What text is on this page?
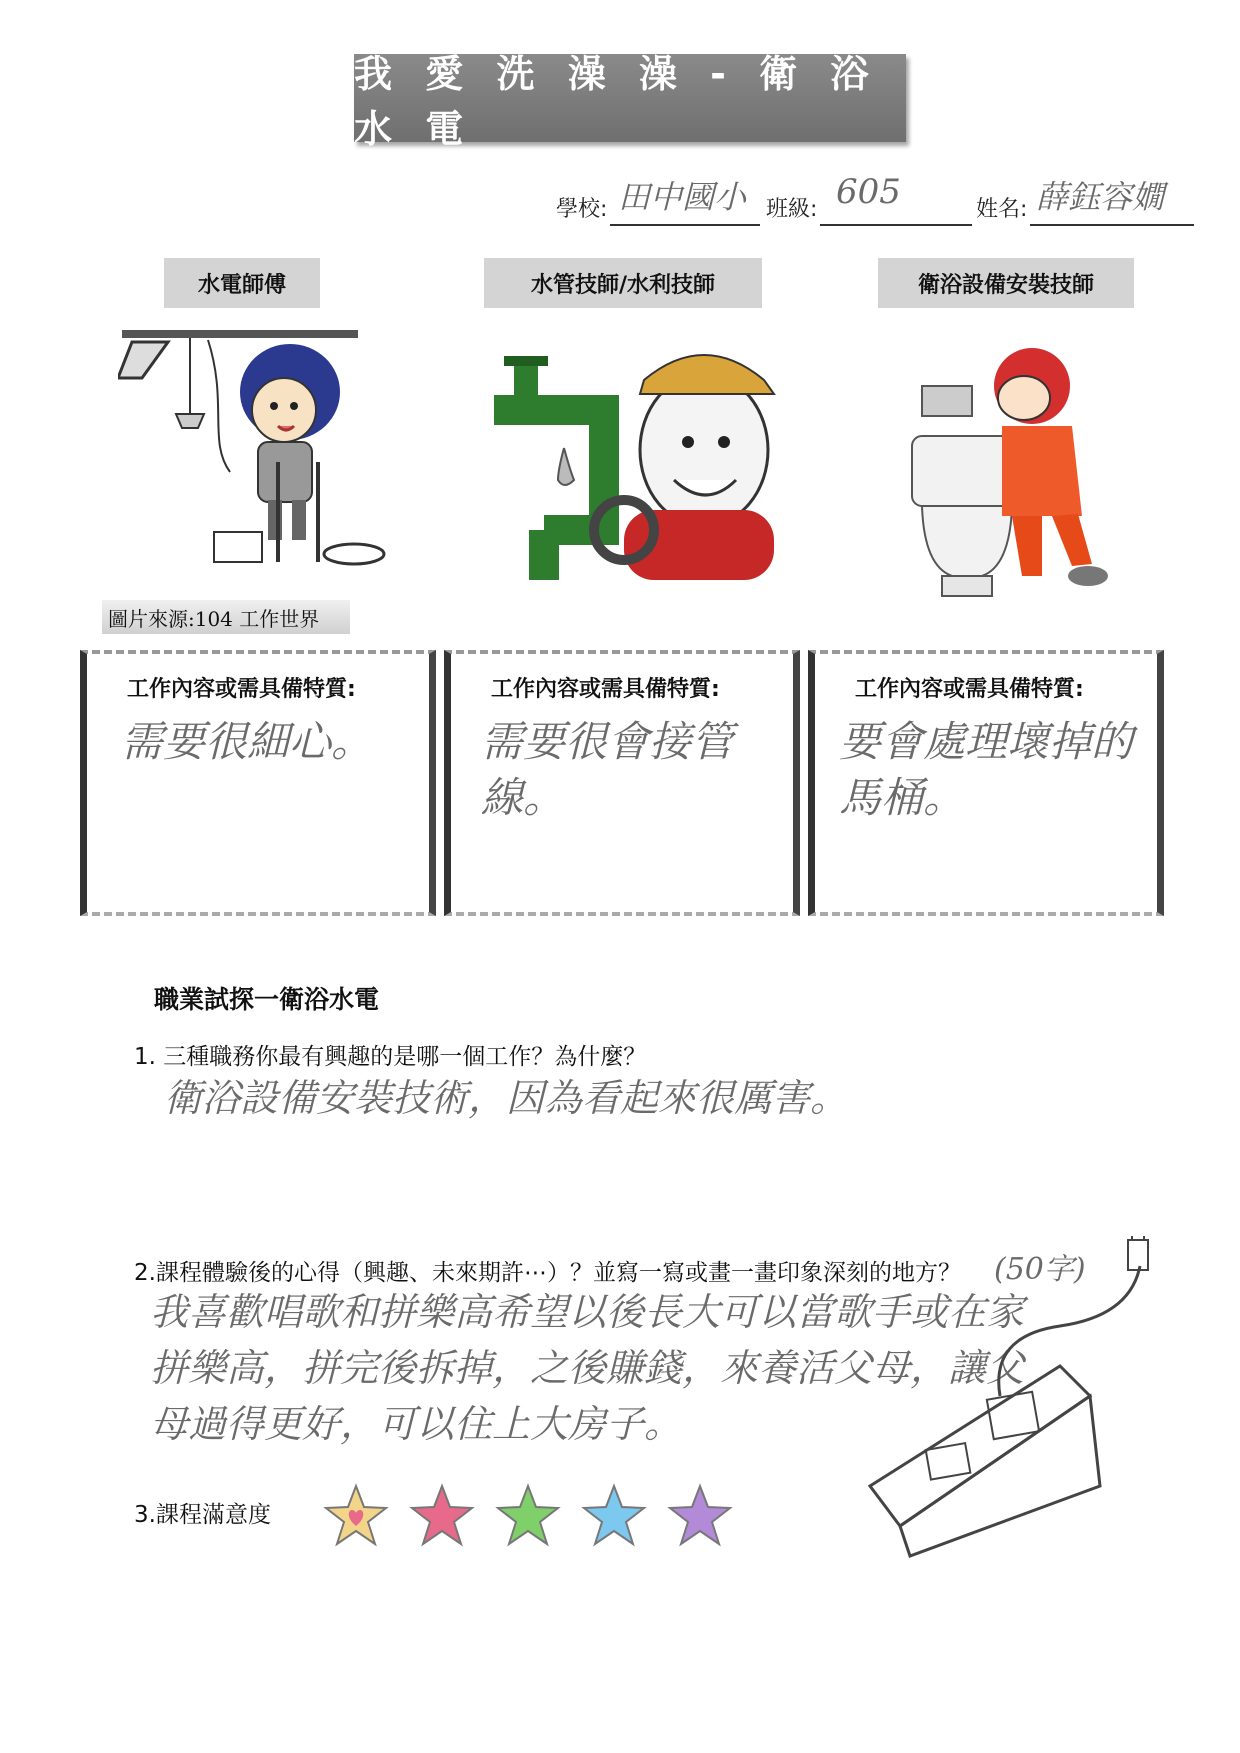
我 愛 洗 澡 澡 - 衛 浴 水 電
學校: 田中國小 班級: 605	姓名: 薛鈺容嫺
水電師傅	水管技師/水利技師	衛浴設備安裝技師
圖片來源:104 工作世界
工作內容或需具備特質:
需要很細心。
工作內容或需具備特質:
需要很會接管線。
工作內容或需具備特質:
要會處理壞掉的馬桶。
職業試探一衛浴水電
1. 三種職務你最有興趣的是哪一個工作？為什麼？
衛浴設備安裝技術，因為看起來很厲害。
2.課程體驗後的心得（興趣、未來期許⋯）？並寫一寫或畫一畫印象深刻的地方？ (50字)
我喜歡唱歌和拼樂高希望以後長大可以當歌手或在家拼樂高，拼完後拆掉，之後賺錢，來養活父母，讓父母過得更好，可以住上大房子。
3.課程滿意度
